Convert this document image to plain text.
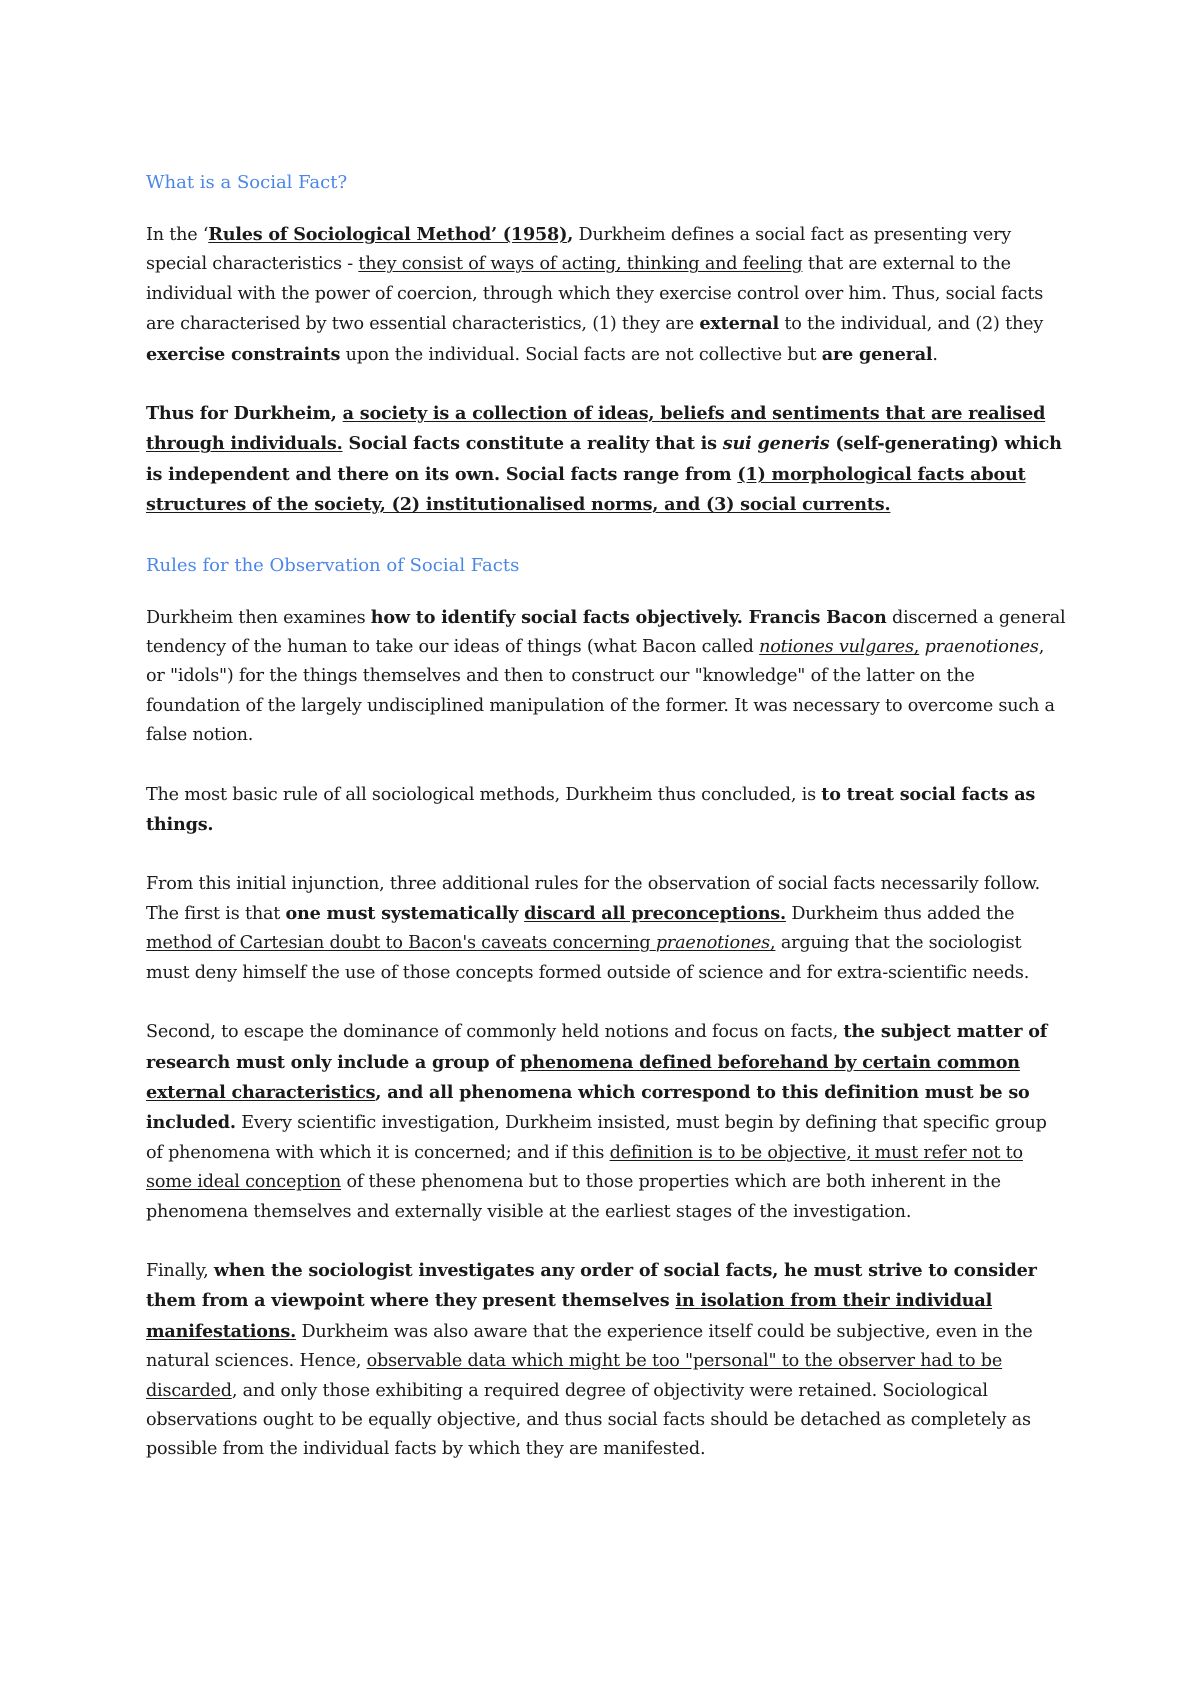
What is a Social Fact?

In the ‘Rules of Sociological Method’ (1958), Durkheim defines a social fact as presenting very special characteristics - they consist of ways of acting, thinking and feeling that are external to the individual with the power of coercion, through which they exercise control over him. Thus, social facts are characterised by two essential characteristics, (1) they are external to the individual, and (2) they exercise constraints upon the individual. Social facts are not collective but are general.

Thus for Durkheim, a society is a collection of ideas, beliefs and sentiments that are realised through individuals. Social facts constitute a reality that is sui generis (self-generating) which is independent and there on its own. Social facts range from (1) morphological facts about structures of the society, (2) institutionalised norms, and (3) social currents.

Rules for the Observation of Social Facts

Durkheim then examines how to identify social facts objectively. Francis Bacon discerned a general tendency of the human to take our ideas of things (what Bacon called notiones vulgares, praenotiones, or "idols") for the things themselves and then to construct our "knowledge" of the latter on the foundation of the largely undisciplined manipulation of the former. It was necessary to overcome such a false notion.

The most basic rule of all sociological methods, Durkheim thus concluded, is to treat social facts as things.

From this initial injunction, three additional rules for the observation of social facts necessarily follow. The first is that one must systematically discard all preconceptions. Durkheim thus added the method of Cartesian doubt to Bacon's caveats concerning praenotiones, arguing that the sociologist must deny himself the use of those concepts formed outside of science and for extra-scientific needs.

Second, to escape the dominance of commonly held notions and focus on facts, the subject matter of research must only include a group of phenomena defined beforehand by certain common external characteristics, and all phenomena which correspond to this definition must be so included. Every scientific investigation, Durkheim insisted, must begin by defining that specific group of phenomena with which it is concerned; and if this definition is to be objective, it must refer not to some ideal conception of these phenomena but to those properties which are both inherent in the phenomena themselves and externally visible at the earliest stages of the investigation.

Finally, when the sociologist investigates any order of social facts, he must strive to consider them from a viewpoint where they present themselves in isolation from their individual manifestations. Durkheim was also aware that the experience itself could be subjective, even in the natural sciences. Hence, observable data which might be too "personal" to the observer had to be discarded, and only those exhibiting a required degree of objectivity were retained. Sociological observations ought to be equally objective, and thus social facts should be detached as completely as possible from the individual facts by which they are manifested.
